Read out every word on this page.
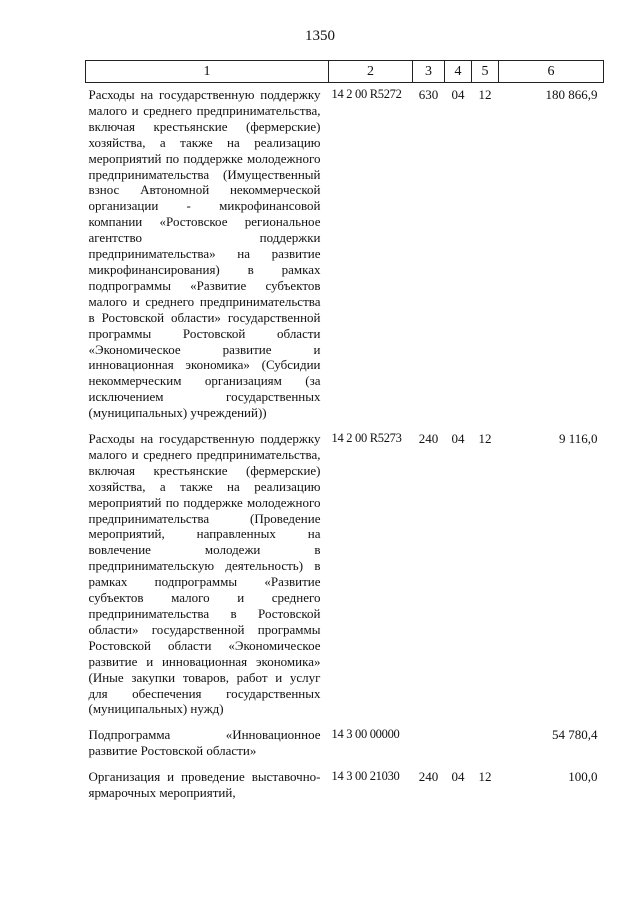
1350
1	2	3	4	5	6
Расходы на государственную поддержку малого и среднего предпринимательства, включая крестьянские (фермерские) хозяйства, а также на реализацию мероприятий по поддержке молодежного предпринимательства (Имущественный взнос Автономной некоммерческой организации - микрофинансовой компании «Ростовское региональное агентство поддержки предпринимательства» на развитие микрофинансирования) в рамках подпрограммы «Развитие субъектов малого и среднего предпринимательства в Ростовской области» государственной программы Ростовской области «Экономическое развитие и инновационная экономика» (Субсидии некоммерческим организациям (за исключением государственных (муниципальных) учреждений))	14 2 00 R5272	630	04	12	180 866,9
Расходы на государственную поддержку малого и среднего предпринимательства, включая крестьянские (фермерские) хозяйства, а также на реализацию мероприятий по поддержке молодежного предпринимательства (Проведение мероприятий, направленных на вовлечение молодежи в предпринимательскую деятельность) в рамках подпрограммы «Развитие субъектов малого и среднего предпринимательства в Ростовской области» государственной программы Ростовской области «Экономическое развитие и инновационная экономика» (Иные закупки товаров, работ и услуг для обеспечения государственных (муниципальных) нужд)	14 2 00 R5273	240	04	12	9 116,0
Подпрограмма «Инновационное развитие Ростовской области»	14 3 00 00000				54 780,4
Организация и проведение выставочно-ярмарочных мероприятий,	14 3 00 21030	240	04	12	100,0
